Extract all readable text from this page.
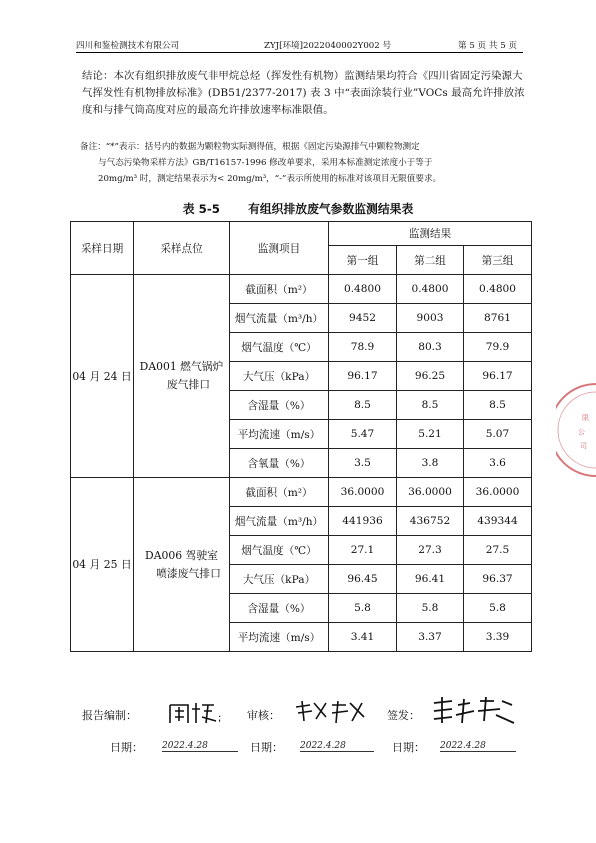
四川和鉴检测技术有限公司	ZYJ[环境]2022040002Y002 号	第 5 页 共 5 页
结论：本次有组织排放废气非甲烷总烃（挥发性有机物）监测结果均符合《四川省固定污染源大气挥发性有机物排放标准》(DB51/2377-2017) 表 3 中“表面涂装行业”VOCs 最高允许排放浓度和与排气筒高度对应的最高允许排放速率标准限值。
备注：“*”表示：括号内的数据为颗粒物实际测得值，根据《固定污染源排气中颗粒物测定
与气态污染物采样方法》GB/T16157-1996 修改单要求，采用本标准测定浓度小于等于
20mg/m³ 时，测定结果表示为< 20mg/m³，“-”表示所使用的标准对该项目无限值要求。
表 5-5 有组织排放废气参数监测结果表
采样日期	采样点位	监测项目	监测结果		
			第一组	第二组	第三组
04 月 24 日	DA001 燃气锅炉
废气排口	截面积（m²）	0.4800	0.4800	0.4800
		烟气流量（m³/h）	9452	9003	8761
		烟气温度（℃）	78.9	80.3	79.9
		大气压（kPa）	96.17	96.25	96.17
		含湿量（%）	8.5	8.5	8.5
		平均流速（m/s）	5.47	5.21	5.07
		含氧量（%）	3.5	3.8	3.6
04 月 25 日	DA006 驾驶室
喷漆废气排口	截面积（m²）	36.0000	36.0000	36.0000
		烟气流量（m³/h）	441936	436752	439344
		烟气温度（℃）	27.1	27.3	27.5
		大气压（kPa）	96.45	96.41	96.37
		含湿量（%）	5.8	5.8	5.8
		平均流速（m/s）	3.41	3.37	3.39
报告编制：	; 审核：	签发：
日期： 2022.4.28	日期： 2022.4.28	日期： 2022.4.28
限
公
司
